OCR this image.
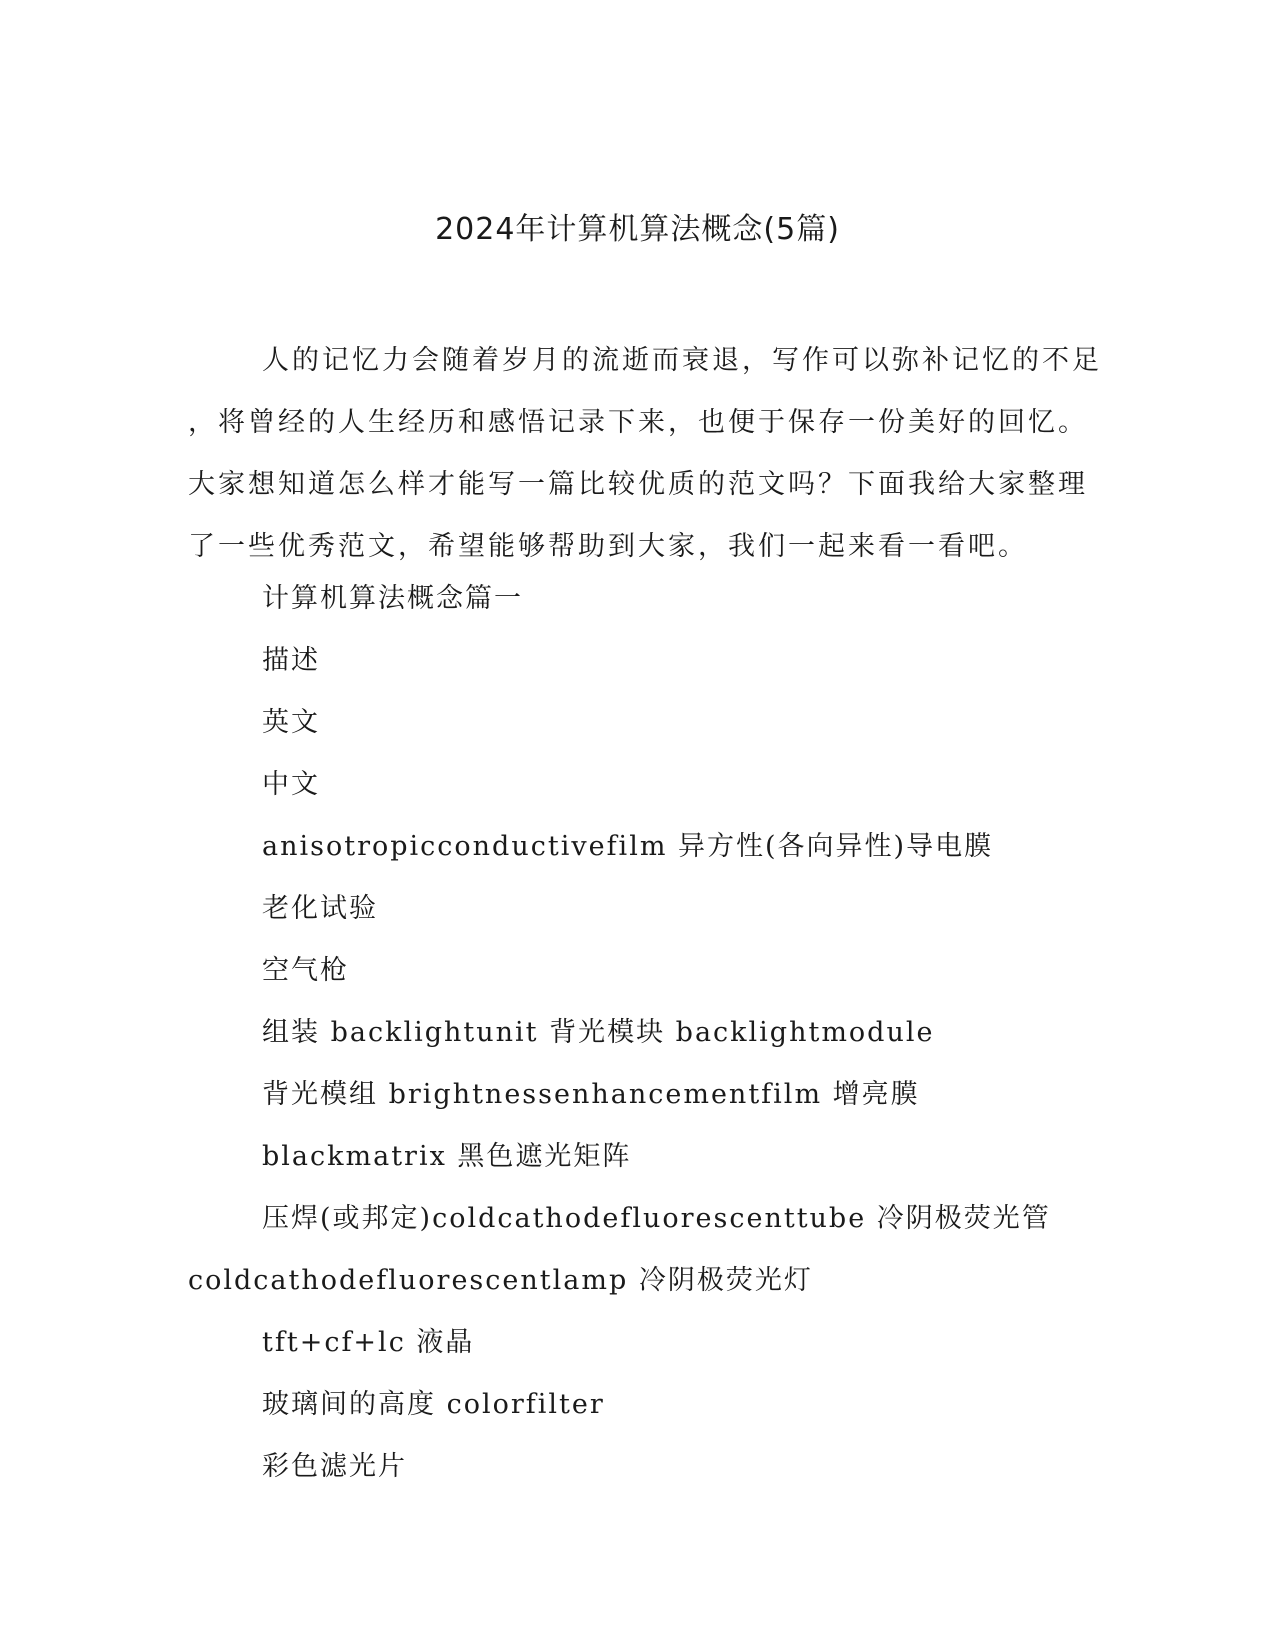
2024年计算机算法概念(5篇)

人的记忆力会随着岁月的流逝而衰退，写作可以弥补记忆的不足
，将曾经的人生经历和感悟记录下来，也便于保存一份美好的回忆。
大家想知道怎么样才能写一篇比较优质的范文吗？下面我给大家整理
了一些优秀范文，希望能够帮助到大家，我们一起来看一看吧。

计算机算法概念篇一
描述
英文
中文
anisotropicconductivefilm 异方性(各向异性)导电膜
老化试验
空气枪
组装 backlightunit 背光模块 backlightmodule
背光模组 brightnessenhancementfilm 增亮膜
blackmatrix 黑色遮光矩阵
压焊(或邦定)coldcathodefluorescenttube 冷阴极荧光管
coldcathodefluorescentlamp 冷阴极荧光灯
tft+cf+lc 液晶
玻璃间的高度 colorfilter
彩色滤光片
